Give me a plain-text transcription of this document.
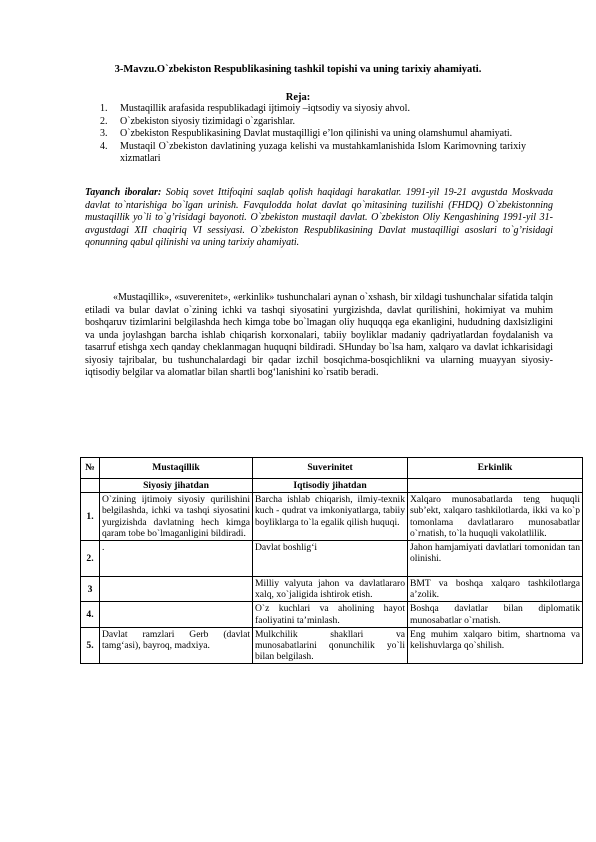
3-Mavzu.O`zbekiston Respublikasining tashkil topishi va uning tarixiy ahamiyati.
Reja:
1. Mustaqillik arafasida respublikadagi ijtimoiy –iqtsodiy va siyosiy ahvol.
2. O`zbekiston siyosiy tizimidagi o`zgarishlar.
3. O`zbekiston Respublikasining Davlat mustaqilligi e’lon qilinishi va uning olamshumul ahamiyati.
4. Mustaqil O`zbekiston davlatining yuzaga kelishi va mustahkamlanishida Islom Karimovning tarixiy xizmatlari
Tayanch iboralar: Sobiq sovet Ittifoqini saqlab qolish haqidagi harakatlar. 1991-yil 19-21 avgustda Moskvada davlat to`ntarishiga bo`lgan urinish. Favqulodda holat davlat qo`mitasining tuzilishi (FHDQ) O`zbekistonning mustaqillik yo`li to`g’risidagi bayonoti. O`zbekiston mustaqil davlat. O`zbekiston Oliy Kengashining 1991-yil 31-avgustdagi XII chaqiriq VI sessiyasi. O`zbekiston Respublikasining Davlat mustaqilligi asoslari to`g’risidagi qonunning qabul qilinishi va uning tarixiy ahamiyati.
«Mustaqillik», «suverenitet», «erkinlik» tushunchalari aynan o`xshash, bir xildagi tushunchalar sifatida talqin etiladi va bular davlat o`zining ichki va tashqi siyosatini yurgizishda, davlat qurilishini, hokimiyat va muhim boshqaruv tizimlarini belgilashda hech kimga tobe bo`lmagan oliy huquqqa ega ekanligini, hududning daxlsizligini va unda joylashgan barcha ishlab chiqarish korxonalari, tabiiy boyliklar madaniy qadriyatlardan foydalanish va tasarruf etishga xech qanday cheklanmagan huquqni bildiradi. SHunday bo`lsa ham, xalqaro va davlat ichkarisidagi siyosiy tajribalar, bu tushunchalardagi bir qadar izchil bosqichma-bosqichlikni va ularning muayyan siyosiy-iqtisodiy belgilar va alomatlar bilan shartli bog‘lanishini ko`rsatib beradi.
№	Mustaqillik	Suverinitet	Erkinlik
	Siyosiy jihatdan	Iqtisodiy jihatdan	
1.	O`zining ijtimoiy siyosiy qurilishini belgilashda, ichki va tashqi siyosatini yurgizishda davlatning hech kimga qaram tobe bo`lmaganligini bildiradi.	Barcha ishlab chiqarish, ilmiy-texnik kuch - qudrat va imkoniyatlarga, tabiiy boyliklarga to`la egalik qilish huquqi.	Xalqaro munosabatlarda teng huquqli sub’ekt, xalqaro tashkilotlarda, ikki va ko`p tomonlama davlatlararo munosabatlar o`rnatish, to`la huquqli vakolatlilik.
2.	.	Davlat boshlig‘i	Jahon hamjamiyati davlatlari tomonidan tan olinishi.
3		Milliy valyuta jahon va davlatlararo xalq, xo`jaligida ishtirok etish.	BMT va boshqa xalqaro tashkilotlarga a’zolik.
4.		O`z kuchlari va aholining hayot faoliyatini ta’minlash.	Boshqa davlatlar bilan diplomatik munosabatlar o`rnatish.
5.	Davlat ramzlari Gerb (davlat tamg‘asi), bayroq, madxiya.	Mulkchilik shakllari va munosabatlarini qonunchilik yo`li bilan belgilash.	Eng muhim xalqaro bitim, shartnoma va kelishuvlarga qo`shilish.
